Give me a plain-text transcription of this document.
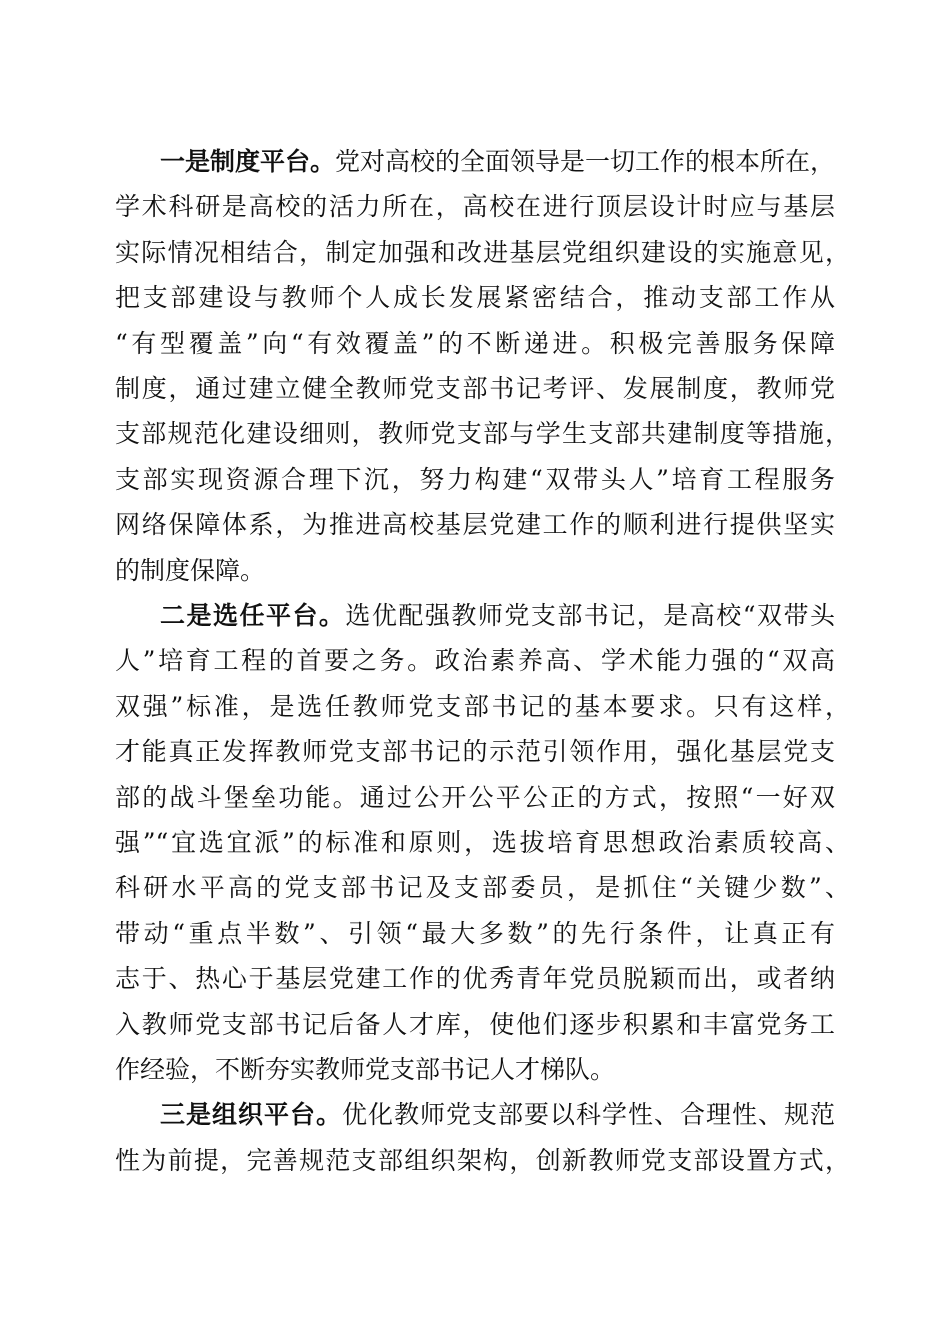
一是制度平台。党对高校的全面领导是一切工作的根本所在，
学术科研是高校的活力所在，高校在进行顶层设计时应与基层
实际情况相结合，制定加强和改进基层党组织建设的实施意见，
把支部建设与教师个人成长发展紧密结合，推动支部工作从
“有型覆盖”向“有效覆盖”的不断递进。积极完善服务保障
制度，通过建立健全教师党支部书记考评、发展制度，教师党
支部规范化建设细则，教师党支部与学生支部共建制度等措施，
支部实现资源合理下沉，努力构建“双带头人”培育工程服务
网络保障体系，为推进高校基层党建工作的顺利进行提供坚实
的制度保障。
二是选任平台。选优配强教师党支部书记，是高校“双带头
人”培育工程的首要之务。政治素养高、学术能力强的“双高
双强”标准，是选任教师党支部书记的基本要求。只有这样，
才能真正发挥教师党支部书记的示范引领作用，强化基层党支
部的战斗堡垒功能。通过公开公平公正的方式，按照“一好双
强”“宜选宜派”的标准和原则，选拔培育思想政治素质较高、
科研水平高的党支部书记及支部委员，是抓住“关键少数”、
带动“重点半数”、引领“最大多数”的先行条件，让真正有
志于、热心于基层党建工作的优秀青年党员脱颖而出，或者纳
入教师党支部书记后备人才库，使他们逐步积累和丰富党务工
作经验，不断夯实教师党支部书记人才梯队。
三是组织平台。优化教师党支部要以科学性、合理性、规范
性为前提，完善规范支部组织架构，创新教师党支部设置方式，
